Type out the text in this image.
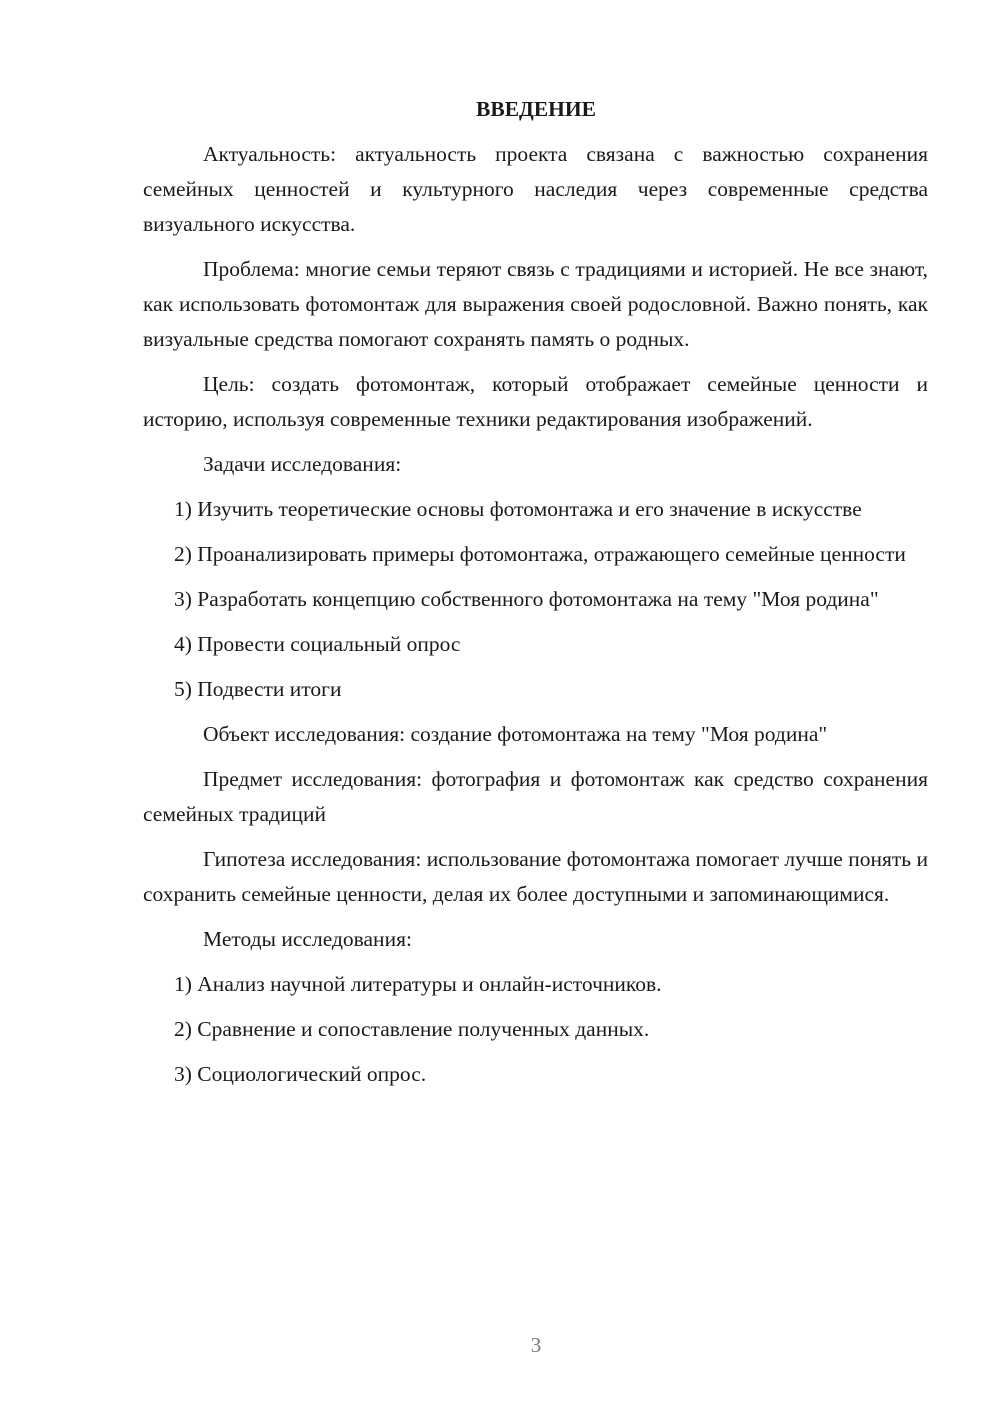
ВВЕДЕНИЕ

Актуальность: актуальность проекта связана с важностью сохранения семейных ценностей и культурного наследия через современные средства визуального искусства.

Проблема: многие семьи теряют связь с традициями и историей. Не все знают, как использовать фотомонтаж для выражения своей родословной. Важно понять, как визуальные средства помогают сохранять память о родных.

Цель: создать фотомонтаж, который отображает семейные ценности и историю, используя современные техники редактирования изображений.

Задачи исследования:

1) Изучить теоретические основы фотомонтажа и его значение в искусстве

2) Проанализировать примеры фотомонтажа, отражающего семейные ценности

3) Разработать концепцию собственного фотомонтажа на тему "Моя родина"

4) Провести социальный опрос

5) Подвести итоги

Объект исследования: создание фотомонтажа на тему "Моя родина"

Предмет исследования: фотография и фотомонтаж как средство сохранения семейных традиций

Гипотеза исследования: использование фотомонтажа помогает лучше понять и сохранить семейные ценности, делая их более доступными и запоминающимися.

Методы исследования:

1) Анализ научной литературы и онлайн-источников.

2) Сравнение и сопоставление полученных данных.

3) Социологический опрос.

3
